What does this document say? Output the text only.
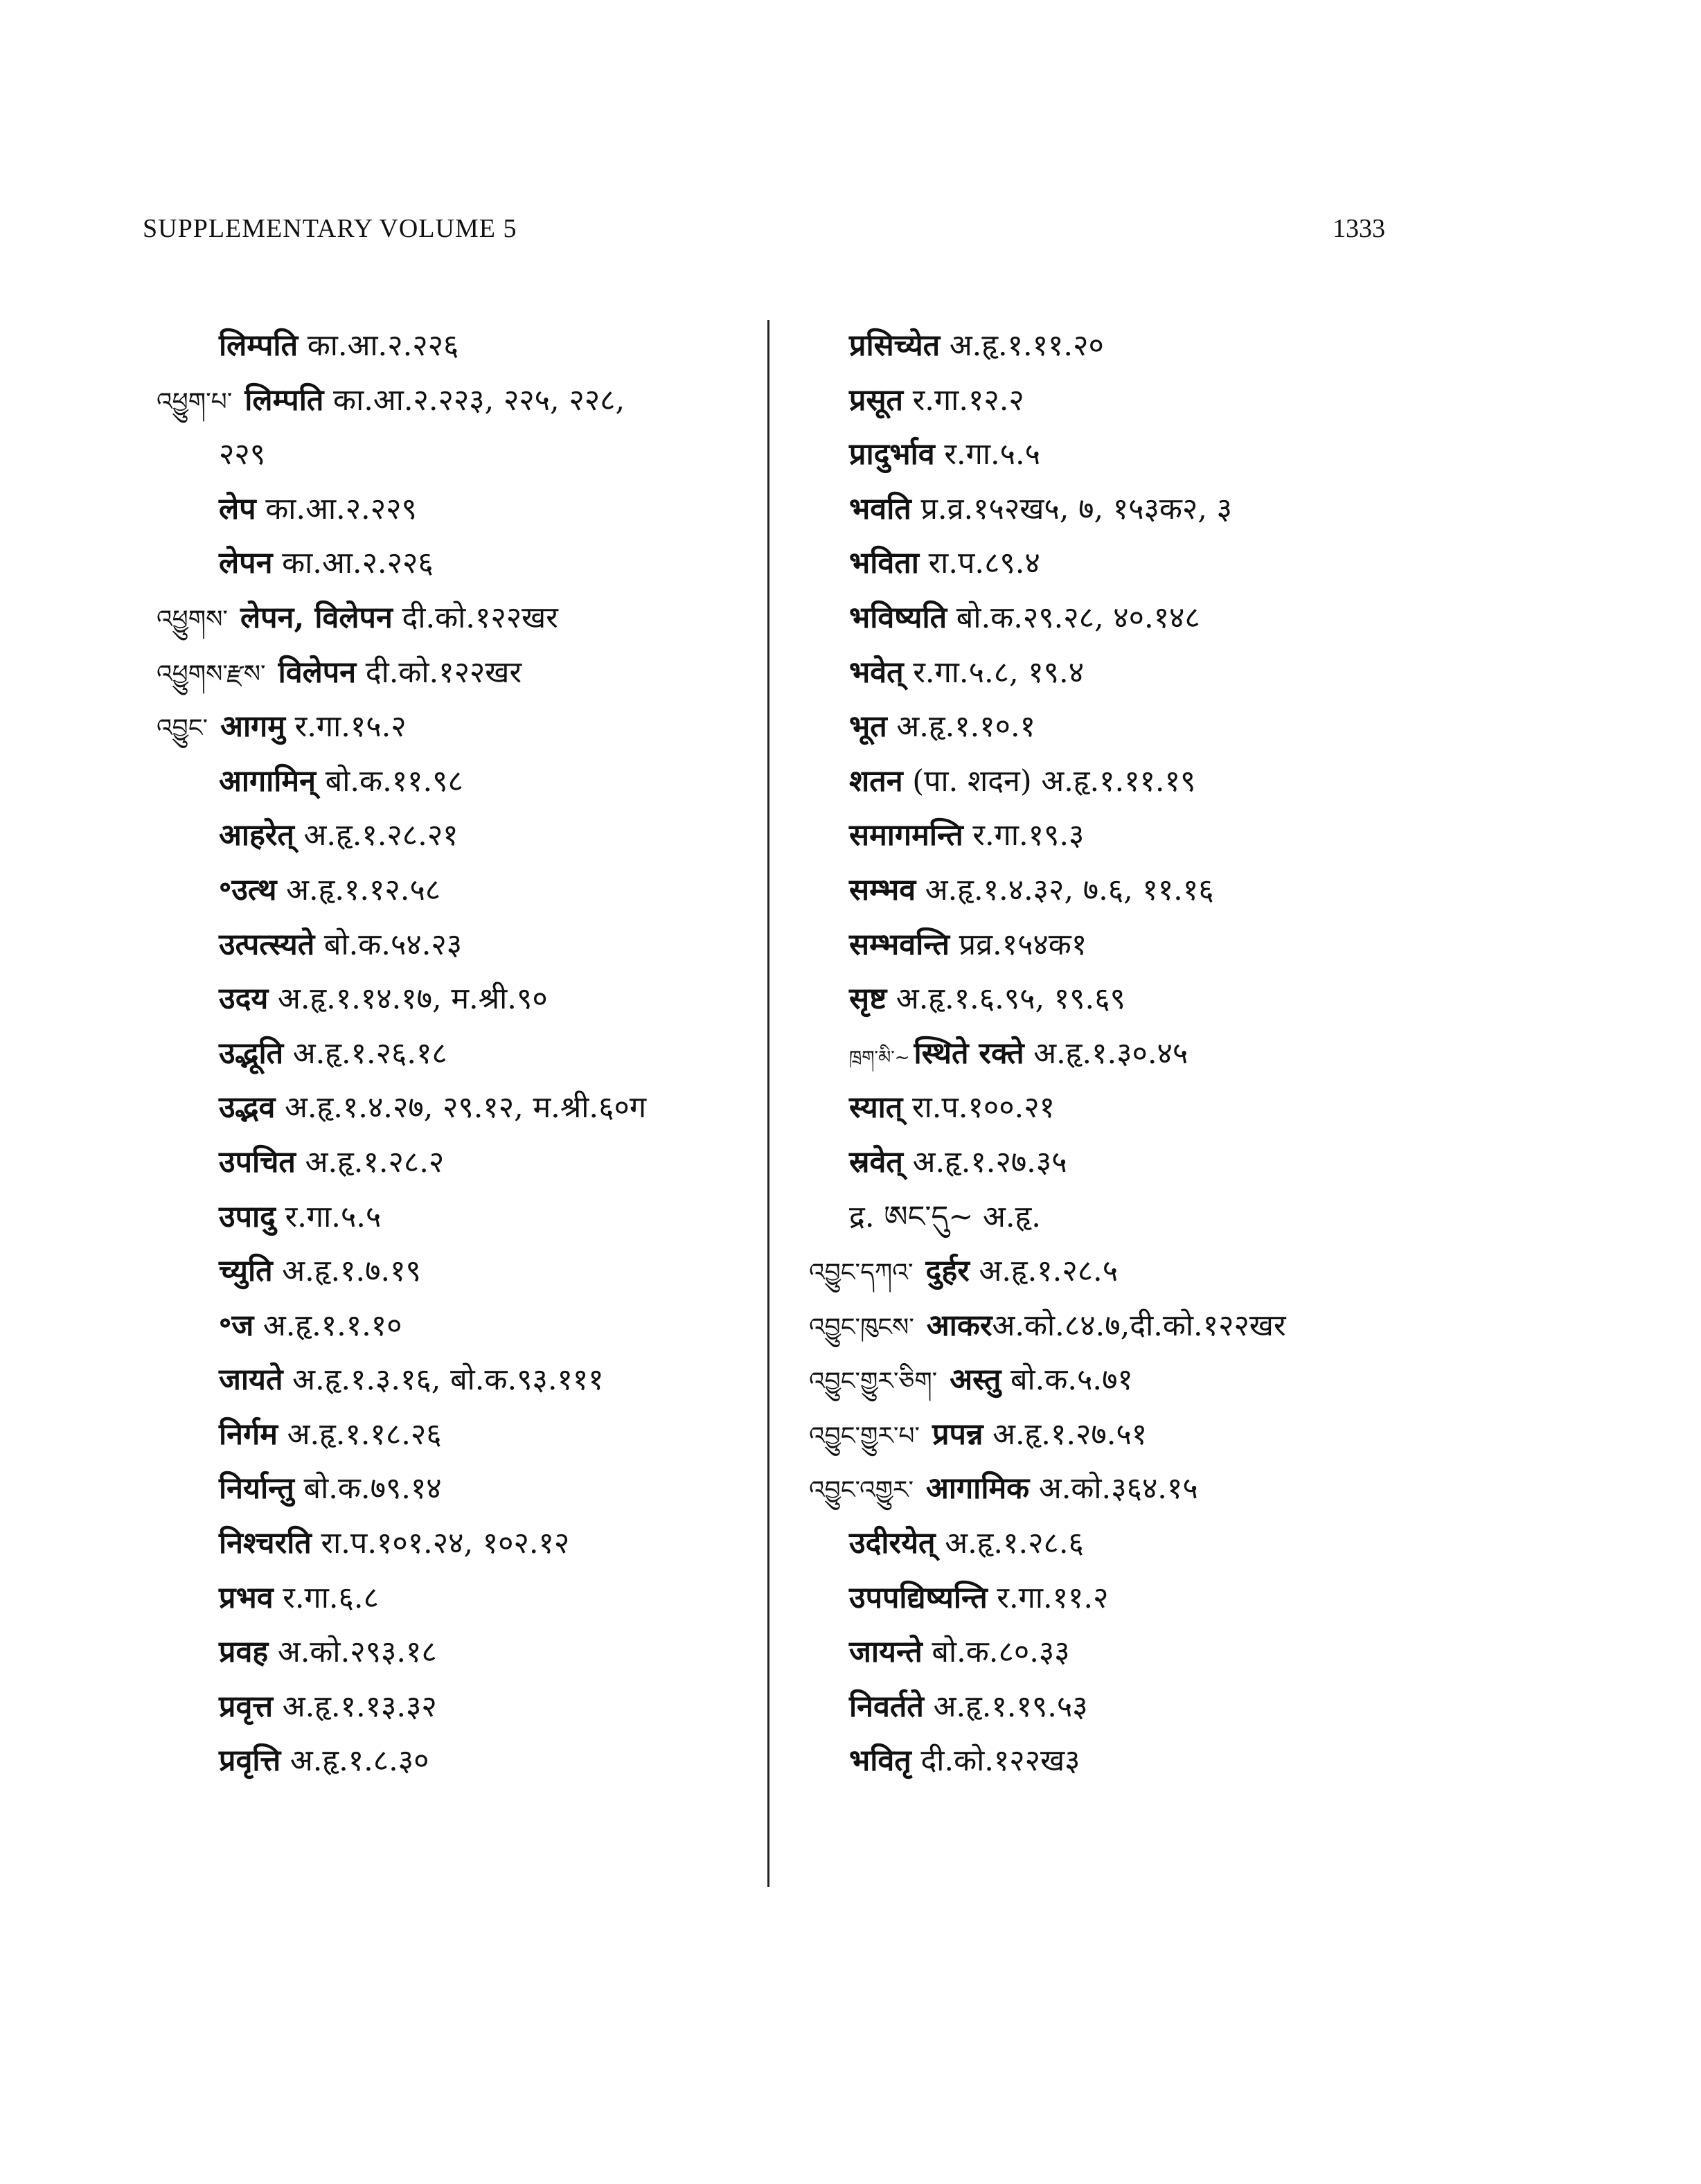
SUPPLEMENTARY VOLUME 5	1333
लिम्पति का.आ.२.२२६
འཕྱུག་པ་ लिम्पति का.आ.२.२२३, २२५, २२८,
२२९
लेप का.आ.२.२२९
लेपन का.आ.२.२२६
འཕྱུགས་ लेपन, विलेपन दी.को.१२२खर
འཕྱུགས་རྫས་ विलेपन दी.को.१२२खर
འབྱུང་ आगमु र.गा.१५.२
आगामिन् बो.क.११.९८
आहरेत् अ.हृ.१.२८.२१
॰उत्थ अ.हृ.१.१२.५८
उत्पत्स्यते बो.क.५४.२३
उदय अ.हृ.१.१४.१७, म.श्री.९०
उद्भूति अ.हृ.१.२६.१८
उद्भव अ.हृ.१.४.२७, २९.१२, म.श्री.६०ग
उपचित अ.हृ.१.२८.२
उपादु र.गा.५.५
च्युति अ.हृ.१.७.१९
॰ज अ.हृ.१.१.१०
जायते अ.हृ.१.३.१६, बो.क.९३.१११
निर्गम अ.हृ.१.१८.२६
निर्यान्तु बो.क.७९.१४
निश्चरति रा.प.१०१.२४, १०२.१२
प्रभव र.गा.६.८
प्रवह अ.को.२९३.१८
प्रवृत्त अ.हृ.१.१३.३२
प्रवृत्ति अ.हृ.१.८.३०
प्रसिच्येत अ.हृ.१.११.२०
प्रसूत र.गा.१२.२
प्रादुर्भाव र.गा.५.५
भवति प्र.व्र.१५२ख५, ७, १५३क२, ३
भविता रा.प.८९.४
भविष्यति बो.क.२९.२८, ४०.१४८
भवेत् र.गा.५.८, १९.४
भूत अ.हृ.१.१०.१
शतन (पा. शदन) अ.हृ.१.११.१९
समागमन्ति र.गा.१९.३
सम्भव अ.हृ.१.४.३२, ७.६, ११.१६
सम्भवन्ति प्रव्र.१५४क१
सृष्ट अ.हृ.१.६.९५, १९.६९
ཁྲག་མི་~ स्थिते रक्ते अ.हृ.१.३०.४५
स्यात् रा.प.१००.२१
स्रवेत् अ.हृ.१.२७.३५
द्र. ཨང་དུ~ अ.हृ.
འབྱུང་དཀའ་ दुर्हर अ.हृ.१.२८.५
འབྱུང་ཁུངས་ आकरअ.को.८४.७,दी.को.१२२खर
འབྱུང་གྱུར་ཅིག་ अस्तु बो.क.५.७१
འབྱུང་གྱུར་པ་ प्रपन्न अ.हृ.१.२७.५१
འབྱུང་འགྱུར་ आगामिक अ.को.३६४.१५
उदीरयेत् अ.हृ.१.२८.६
उपपद्यिष्यन्ति र.गा.११.२
जायन्ते बो.क.८०.३३
निवर्तते अ.हृ.१.१९.५३
भवितृ दी.को.१२२ख३
